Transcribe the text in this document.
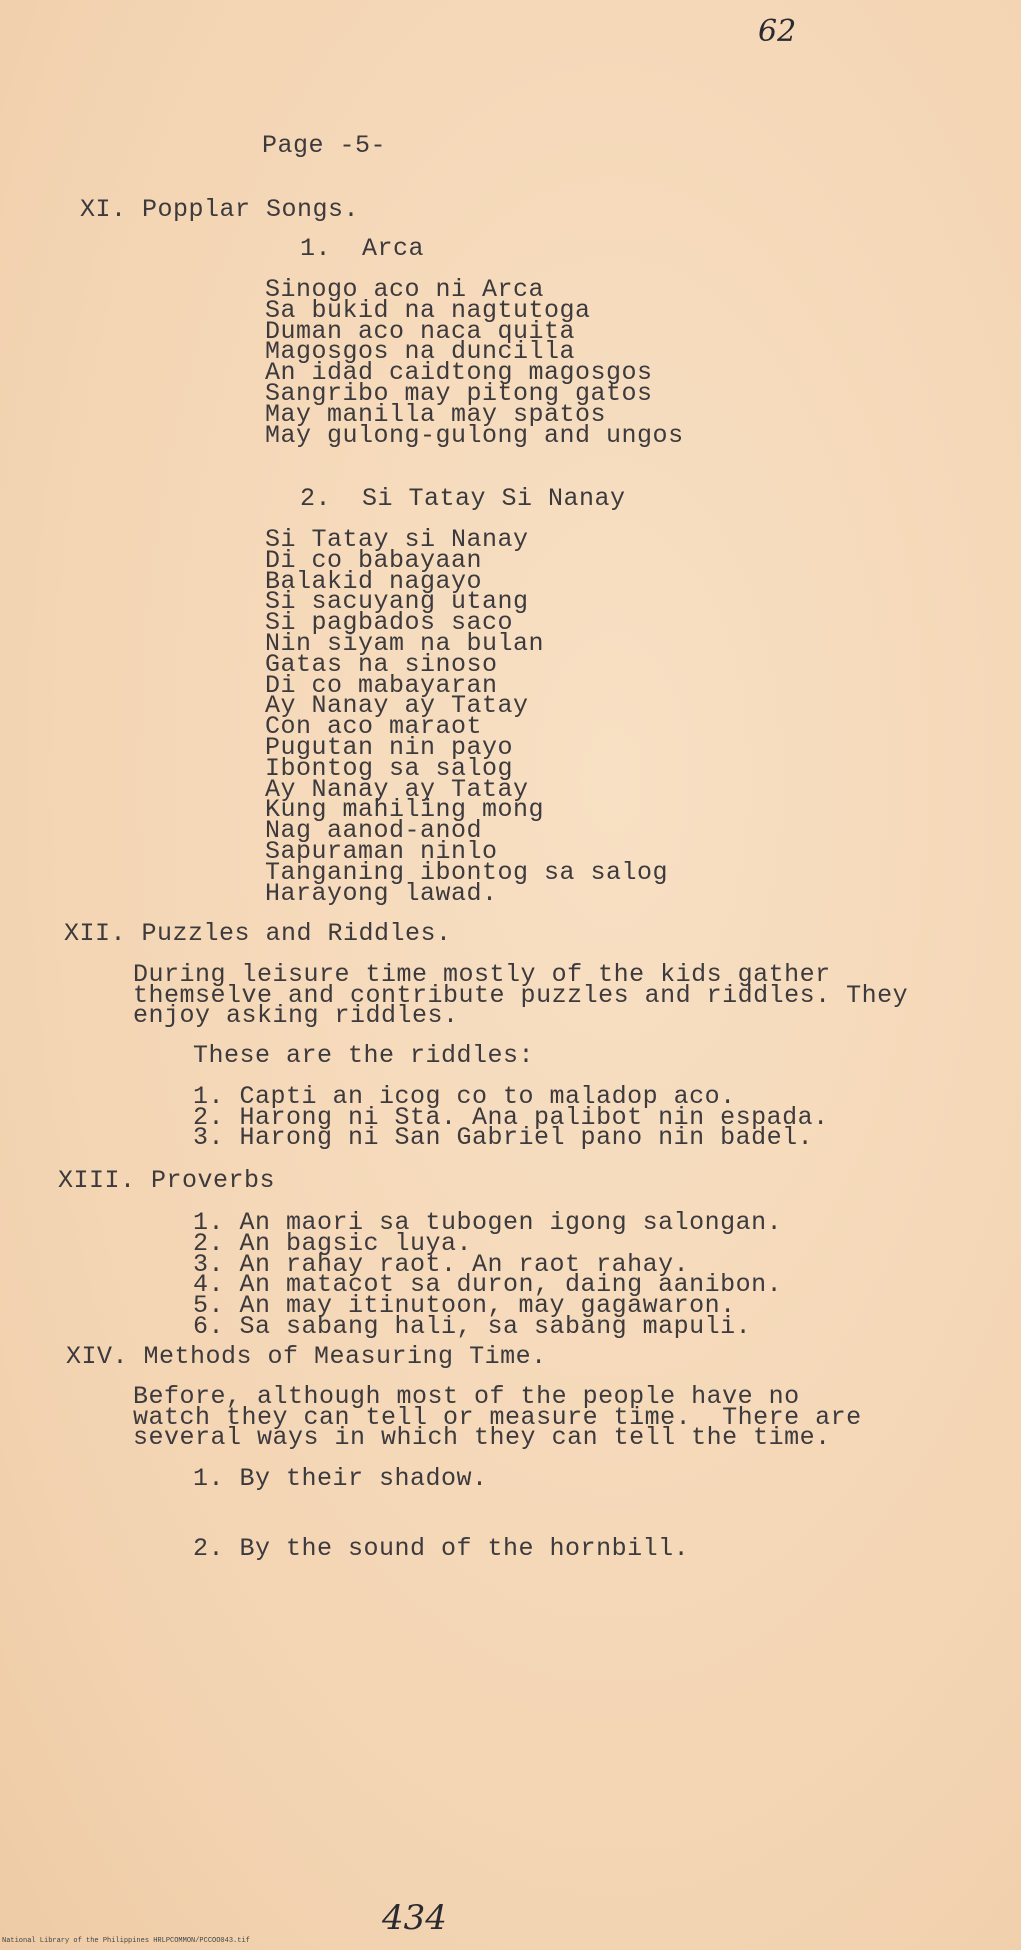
62
Page -5-
XI. Popplar Songs.
1.  Arca
Sinogo aco ni Arca
Sa bukid na nagtutoga
Duman aco naca quita
Magosgos na duncilla
An idad caidtong magosgos
Sangribo may pitong gatos
May manilla may spatos
May gulong-gulong and ungos
2.  Si Tatay Si Nanay
Si Tatay si Nanay
Di co babayaan
Balakid nagayo
Si sacuyang utang
Si pagbados saco
Nin siyam na bulan
Gatas na sinoso
Di co mabayaran
Ay Nanay ay Tatay
Con aco maraot
Pugutan nin payo
Ibontog sa salog
Ay Nanay ay Tatay
Kung mahiling mong
Nag aanod-anod
Sapuraman ninlo
Tanganing ibontog sa salog
Harayong lawad.
XII. Puzzles and Riddles.
During leisure time mostly of the kids gather
themselve and contribute puzzles and riddles. They
enjoy asking riddles.
These are the riddles:
1. Capti an icog co to maladop aco.
2. Harong ni Sta. Ana palibot nin espada.
3. Harong ni San Gabriel pano nin badel.
XIII. Proverbs
1. An maori sa tubogen igong salongan.
2. An bagsic luya.
3. An rahay raot. An raot rahay.
4. An matacot sa duron, daing aanibon.
5. An may itinutoon, may gagawaron.
6. Sa sabang hali, sa sabang mapuli.
XIV. Methods of Measuring Time.
Before, although most of the people have no
watch they can tell or measure time.  There are
several ways in which they can tell the time.
1. By their shadow.
2. By the sound of the hornbill.
434
National Library of the Philippines HRLPCOMMON/PCCOO043.tif
